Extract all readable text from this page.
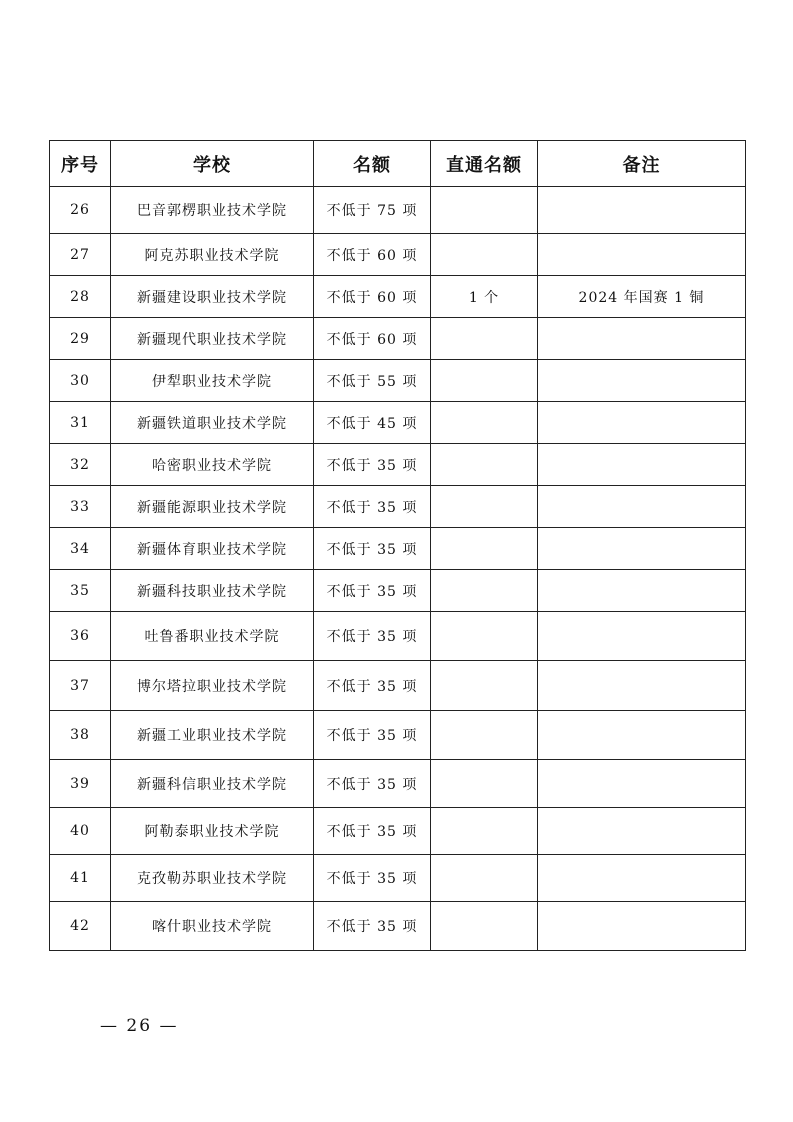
序号	学校	名额	直通名额	备注
26	巴音郭楞职业技术学院	不低于 75 项		
27	阿克苏职业技术学院	不低于 60 项		
28	新疆建设职业技术学院	不低于 60 项	1 个	2024 年国赛 1 铜
29	新疆现代职业技术学院	不低于 60 项		
30	伊犁职业技术学院	不低于 55 项		
31	新疆铁道职业技术学院	不低于 45 项		
32	哈密职业技术学院	不低于 35 项		
33	新疆能源职业技术学院	不低于 35 项		
34	新疆体育职业技术学院	不低于 35 项		
35	新疆科技职业技术学院	不低于 35 项		
36	吐鲁番职业技术学院	不低于 35 项		
37	博尔塔拉职业技术学院	不低于 35 项		
38	新疆工业职业技术学院	不低于 35 项		
39	新疆科信职业技术学院	不低于 35 项		
40	阿勒泰职业技术学院	不低于 35 项		
41	克孜勒苏职业技术学院	不低于 35 项		
42	喀什职业技术学院	不低于 35 项		
— 26 —
